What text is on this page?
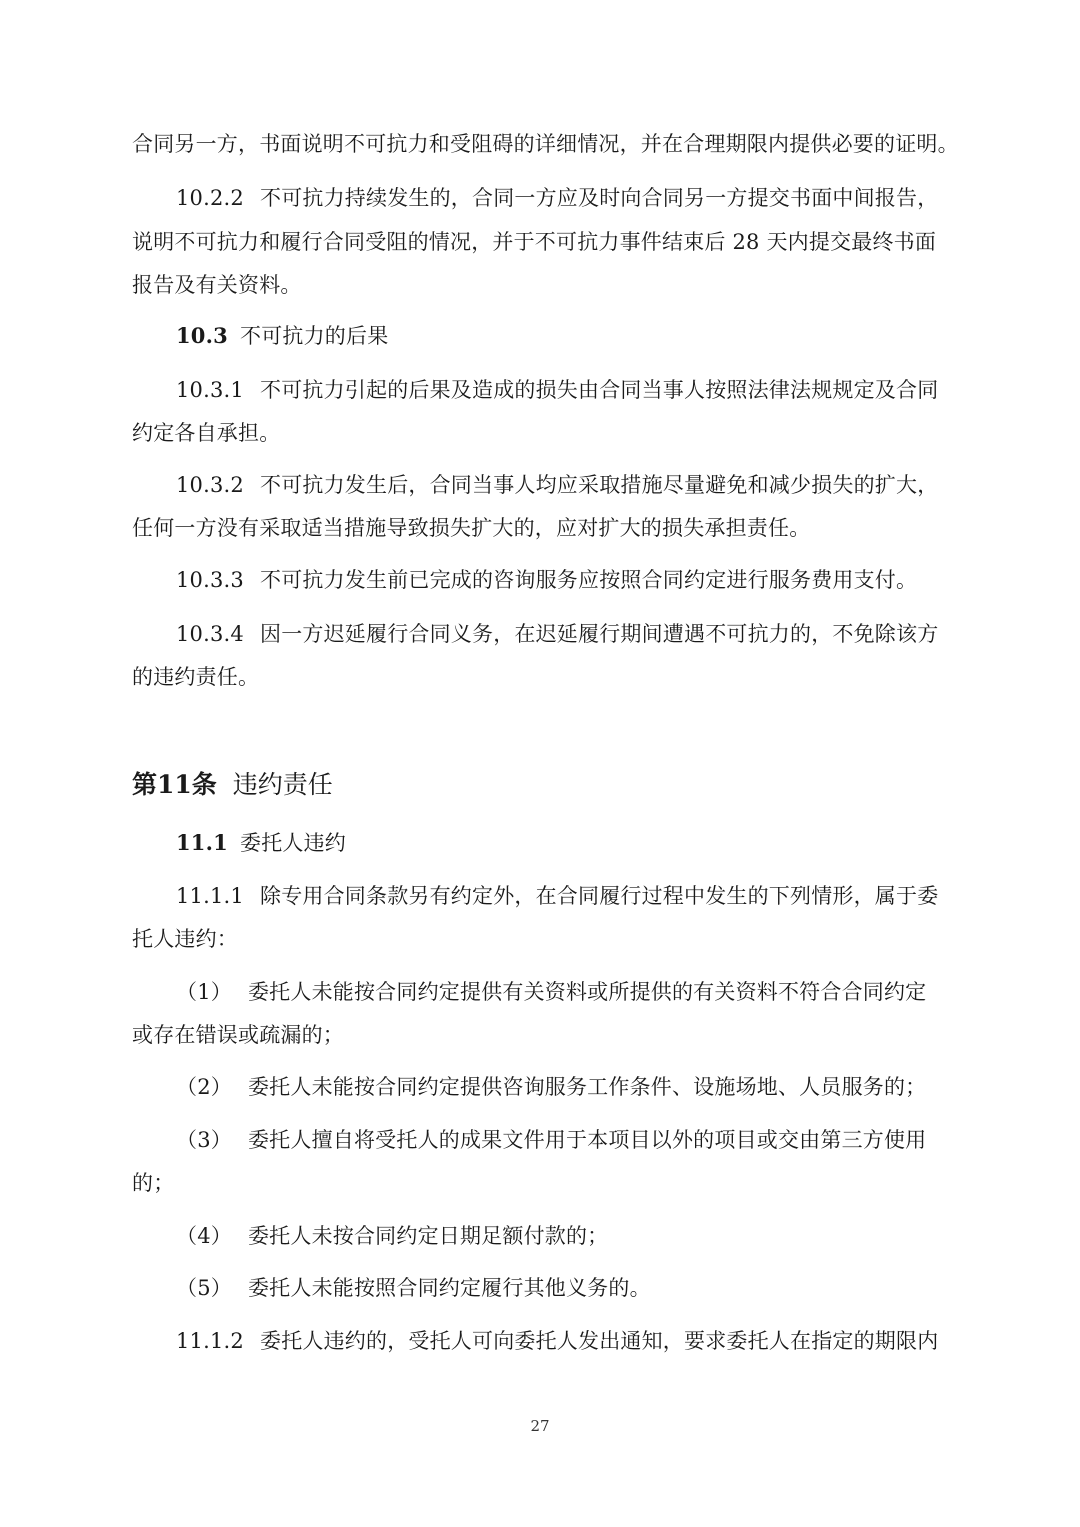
合同另一方，书面说明不可抗力和受阻碍的详细情况，并在合理期限内提供必要的证明。
10.2.2 不可抗力持续发生的，合同一方应及时向合同另一方提交书面中间报告，
说明不可抗力和履行合同受阻的情况，并于不可抗力事件结束后 28 天内提交最终书面
报告及有关资料。
10.3 不可抗力的后果
10.3.1 不可抗力引起的后果及造成的损失由合同当事人按照法律法规规定及合同
约定各自承担。
10.3.2 不可抗力发生后，合同当事人均应采取措施尽量避免和减少损失的扩大，
任何一方没有采取适当措施导致损失扩大的，应对扩大的损失承担责任。
10.3.3 不可抗力发生前已完成的咨询服务应按照合同约定进行服务费用支付。
10.3.4 因一方迟延履行合同义务，在迟延履行期间遭遇不可抗力的，不免除该方
的违约责任。
第11条 违约责任
11.1 委托人违约
11.1.1 除专用合同条款另有约定外，在合同履行过程中发生的下列情形，属于委
托人违约：
（1） 委托人未能按合同约定提供有关资料或所提供的有关资料不符合合同约定
或存在错误或疏漏的；
（2） 委托人未能按合同约定提供咨询服务工作条件、设施场地、人员服务的；
（3） 委托人擅自将受托人的成果文件用于本项目以外的项目或交由第三方使用
的；
（4） 委托人未按合同约定日期足额付款的；
（5） 委托人未能按照合同约定履行其他义务的。
11.1.2 委托人违约的，受托人可向委托人发出通知，要求委托人在指定的期限内
27
